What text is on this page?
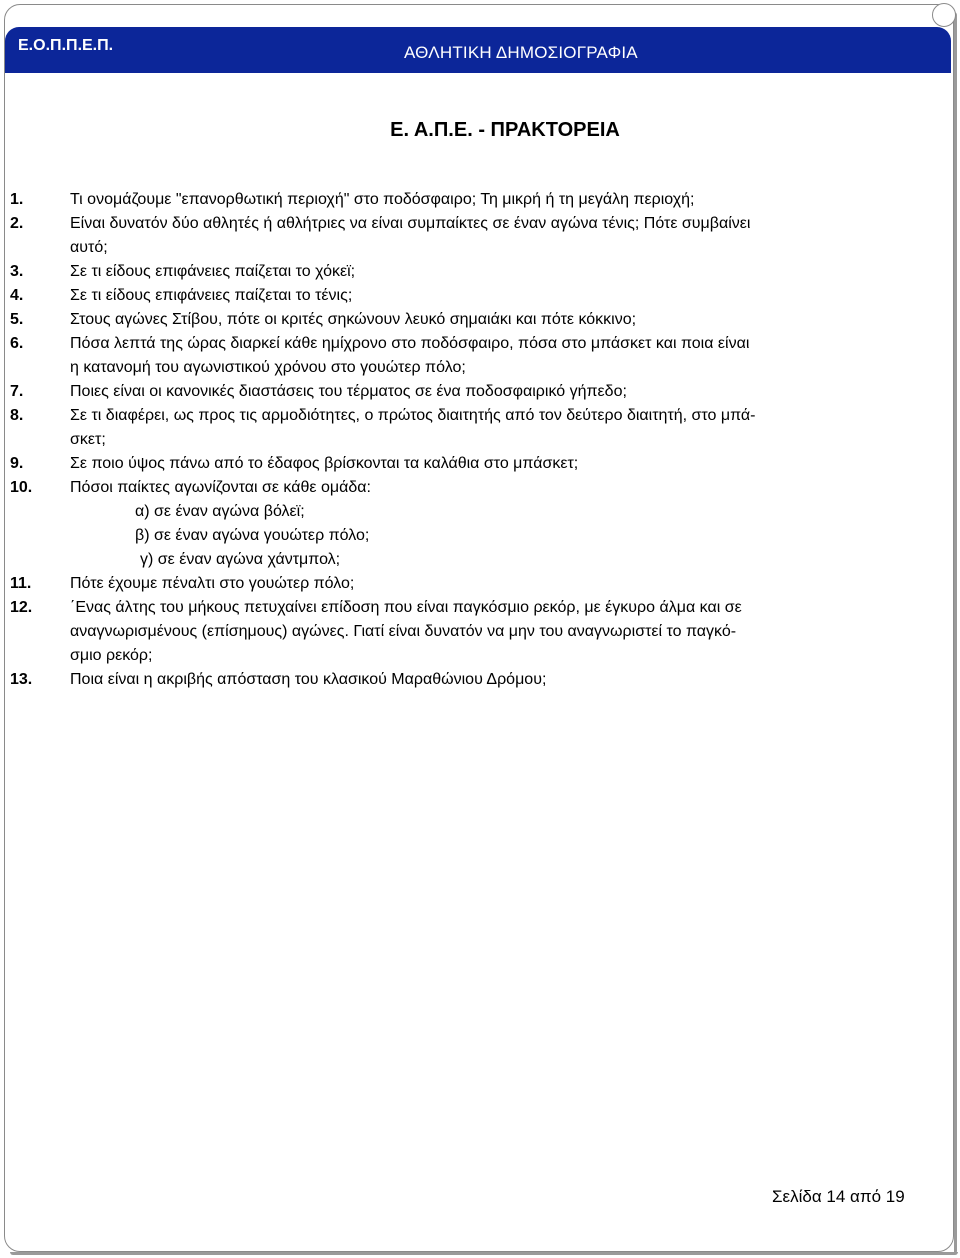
Ε.Ο.Π.Π.Ε.Π.	ΑΘΛΗΤΙΚΗ ΔΗΜΟΣΙΟΓΡΑΦΙΑ
Ε. Α.Π.Ε. - ΠΡΑΚΤΟΡΕΙΑ
1.	Τι ονομάζουμε "επανορθωτική περιοχή" στο ποδόσφαιρο; Τη μικρή ή τη μεγάλη περιοχή;
2.	Είναι δυνατόν δύο αθλητές ή αθλήτριες να είναι συμπαίκτες σε έναν αγώνα τένις; Πότε συμβαίνει
αυτό;
3.	Σε τι είδους επιφάνειες παίζεται το χόκεϊ;
4.	Σε τι είδους επιφάνειες παίζεται το τένις;
5.	Στους αγώνες Στίβου, πότε οι κριτές σηκώνουν λευκό σημαιάκι και πότε κόκκινο;
6.	Πόσα λεπτά της ώρας διαρκεί κάθε ημίχρονο στο ποδόσφαιρο, πόσα στο μπάσκετ και ποια είναι
η κατανομή του αγωνιστικού χρόνου στο γουώτερ πόλο;
7.	Ποιες είναι οι κανονικές διαστάσεις του τέρματος σε ένα ποδοσφαιρικό γήπεδο;
8.	Σε τι διαφέρει, ως προς τις αρμοδιότητες, ο πρώτος διαιτητής από τον δεύτερο διαιτητή, στο μπά-
σκετ;
9.	Σε ποιο ύψος πάνω από το έδαφος βρίσκονται τα καλάθια στο μπάσκετ;
10.	Πόσοι παίκτες αγωνίζονται σε κάθε ομάδα:
α) σε έναν αγώνα βόλεϊ;
β) σε έναν αγώνα γουώτερ πόλο;
γ) σε έναν αγώνα χάντμπολ;
11.	Πότε έχουμε πέναλτι στο γουώτερ πόλο;
12.	΄Ενας άλτης του μήκους πετυχαίνει επίδοση που είναι παγκόσμιο ρεκόρ, με έγκυρο άλμα και σε
αναγνωρισμένους (επίσημους) αγώνες. Γιατί είναι δυνατόν να μην του αναγνωριστεί το παγκό-
σμιο ρεκόρ;
13.	Ποια είναι η ακριβής απόσταση του κλασικού Μαραθώνιου Δρόμου;
Σελίδα 14 από 19
